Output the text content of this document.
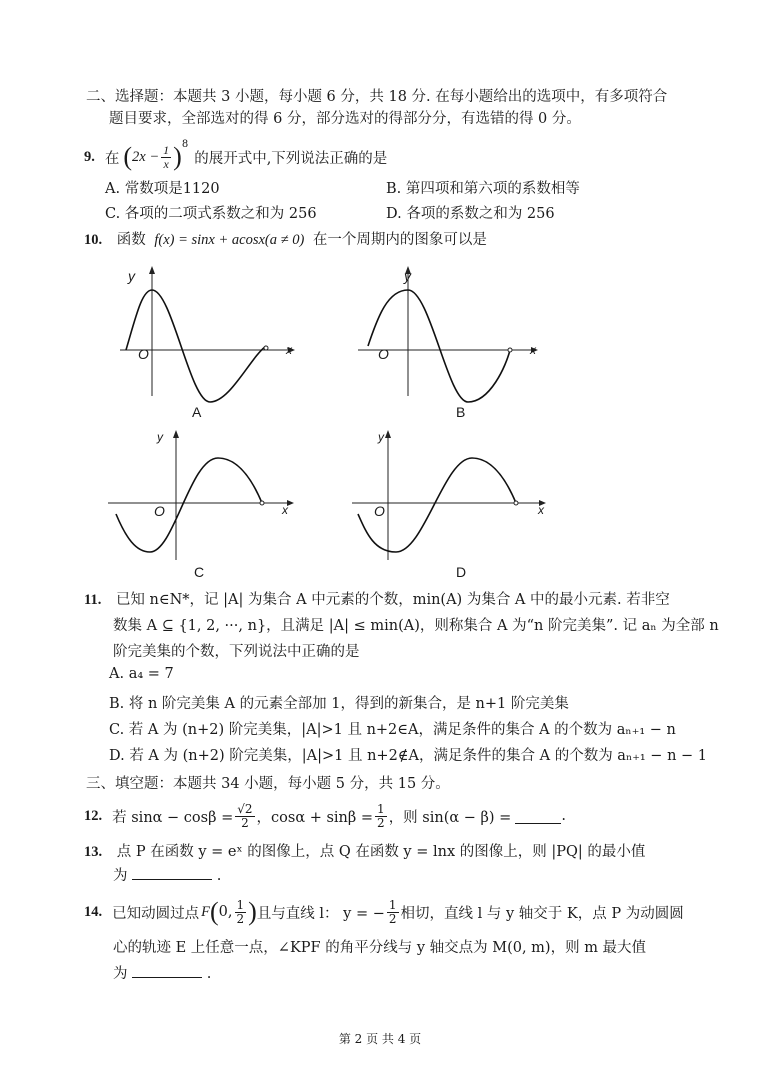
二、选择题：本题共 3 小题，每小题 6 分，共 18 分. 在每小题给出的选项中，有多项符合
题目要求，全部选对的得 6 分，部分选对的得部分分，有选错的得 0 分。
9. 在 ( $2x - \frac{1}{x} )^8$
的展开式中,下列说法正确的是
A. 常数项是1120	B. 第四项和第六项的系数相等
C. 各项的二项式系数之和为 256	D. 各项的系数之和为 256
10. 函数 f(x) = sinx + acosx(a ≠ 0) 在一个周期内的图象可以是
y
O	x
A
y
O	x
B
y
O	x
C
y
O	x
D
11. 已知 n∈N*，记 |A| 为集合 A 中元素的个数，min(A) 为集合 A 中的最小元素. 若非空
数集 A ⊆ {1, 2, ···, n}，且满足 |A| ≤ min(A)，则称集合 A 为“n 阶完美集”. 记 aₙ 为全部 n
阶完美集的个数，下列说法中正确的是
A. a₄ = 7
B. 将 n 阶完美集 A 的元素全部加 1，得到的新集合，是 n+1 阶完美集
C. 若 A 为 (n+2) 阶完美集，|A|>1 且 n+2∈A，满足条件的集合 A 的个数为 aₙ₊₁ − n
D. 若 A 为 (n+2) 阶完美集，|A|>1 且 n+2∉A，满足条件的集合 A 的个数为 aₙ₊₁ − n − 1
三、填空题：本题共 34 小题，每小题 5 分，共 15 分。
12. 若 $\sin\alpha - \cos\beta = \frac{√2}{2}$ ，$\cos\alpha + \sin\beta = \frac{1}{2}$ ，则 sin(α − β) =	.
13. 点 P 在函数 y = eˣ 的图像上，点 Q 在函数 y = lnx 的图像上，则 |PQ| 的最小值
为	.
14. 已知动圆过点 F ( 0, $\frac{1}{2}$ ) 且与直线 l： y = − $\frac{1}{2}$ 相切，直线 l 与 y 轴交于 K，点 P 为动圆圆
心的轨迹 E 上任意一点，∠KPF 的角平分线与 y 轴交点为 M(0, m)，则 m 最大值
为	.
第 2 页 共 4 页
